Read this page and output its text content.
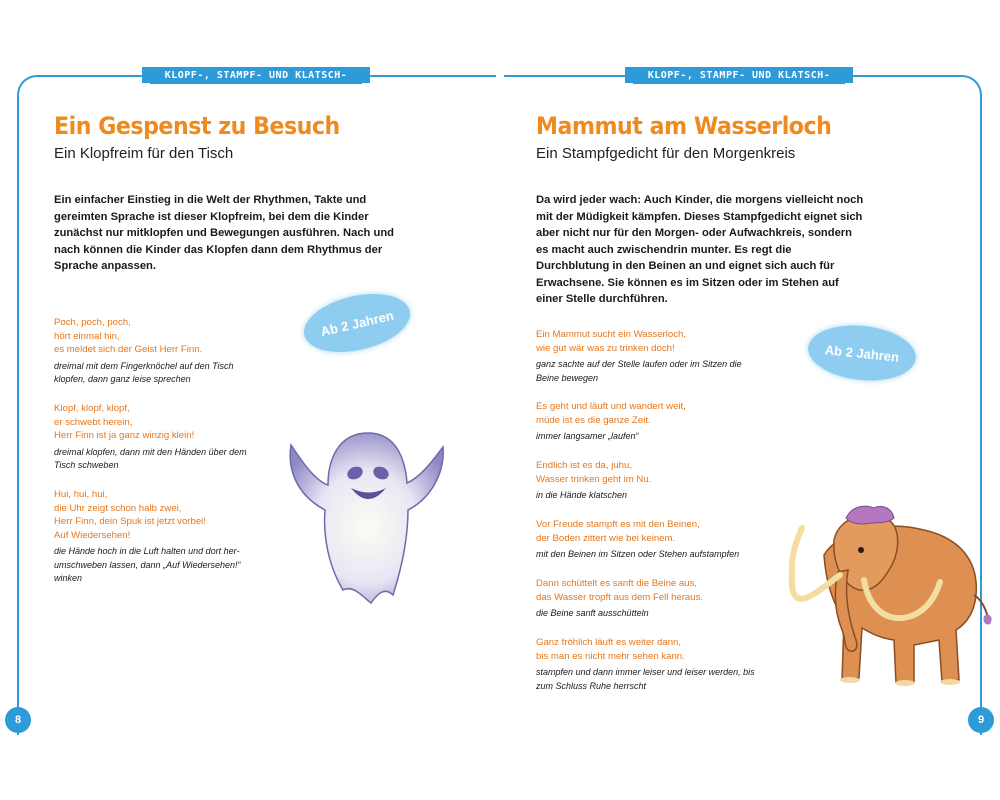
KLOPF-, STAMPF- UND KLATSCH-IDEEN
Ein Gespenst zu Besuch
Ein Klopfreim für den Tisch
Ein einfacher Einstieg in die Welt der Rhythmen, Takte und gereimten Sprache ist dieser Klopfreim, bei dem die Kinder zunächst nur mitklopfen und Bewegungen ausführen. Nach und nach können die Kinder das Klopfen dann dem Rhythmus der Sprache anpassen.
Ab 2 Jahren
Poch, poch, poch,
hört einmal hin,
es meldet sich der Geist Herr Finn.
dreimal mit dem Fingerknöchel auf den Tisch klopfen, dann ganz leise sprechen
Klopf, klopf, klopf,
er schwebt herein,
Herr Finn ist ja ganz winzig klein!
dreimal klopfen, dann mit den Händen über dem Tisch schweben
Hui, hui, hui,
die Uhr zeigt schon halb zwei,
Herr Finn, dein Spuk ist jetzt vorbei!
Auf Wiedersehen!
die Hände hoch in die Luft halten und dort her-umschweben lassen, dann „Auf Wiedersehen!“ winken
8
KLOPF-, STAMPF- UND KLATSCH-IDEEN
Mammut am Wasserloch
Ein Stampfgedicht für den Morgenkreis
Da wird jeder wach: Auch Kinder, die morgens vielleicht noch mit der Müdigkeit kämpfen. Dieses Stampfgedicht eignet sich aber nicht nur für den Morgen- oder Aufwachkreis, sondern es macht auch zwischendrin munter. Es regt die Durchblutung in den Beinen an und eignet sich auch für Erwachsene. Sie können es im Sitzen oder im Stehen auf einer Stelle durchführen.
Ab 2 Jahren
Ein Mammut sucht ein Wasserloch,
wie gut wär was zu trinken doch!
ganz sachte auf der Stelle laufen oder im Sitzen die Beine bewegen
Es geht und läuft und wandert weit,
müde ist es die ganze Zeit.
immer langsamer „laufen“
Endlich ist es da, juhu,
Wasser trinken geht im Nu.
in die Hände klatschen
Vor Freude stampft es mit den Beinen,
der Boden zittert wie bei keinem.
mit den Beinen im Sitzen oder Stehen aufstampfen
Dann schüttelt es sanft die Beine aus,
das Wasser tropft aus dem Fell heraus.
die Beine sanft ausschütteln
Ganz fröhlich läuft es weiter dann,
bis man es nicht mehr sehen kann.
stampfen und dann immer leiser und leiser werden, bis zum Schluss Ruhe herrscht
9
